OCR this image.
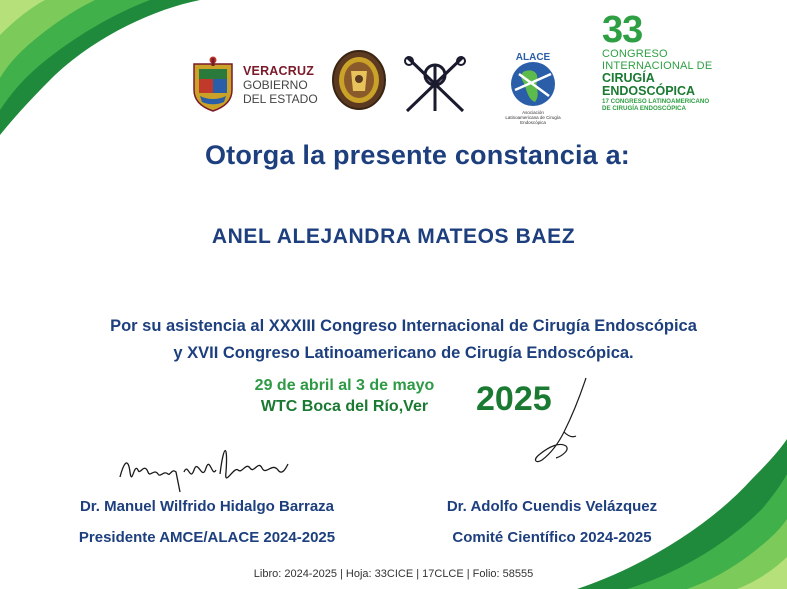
VERACRUZ
GOBIERNO
DEL ESTADO
ALACE
Asociación Latinoamericana de Cirugía Endoscópica
33
CONGRESO
INTERNACIONAL DE
CIRUGÍA
ENDOSCÓPICA
17 CONGRESO LATINOAMERICANO
DE CIRUGÍA ENDOSCÓPICA
Otorga la presente constancia a:
ANEL ALEJANDRA MATEOS BAEZ
Por su asistencia al XXXIII Congreso Internacional de Cirugía Endoscópica
y XVII Congreso Latinoamericano de Cirugía Endoscópica.
29 de abril al 3 de mayo
WTC Boca del Río,Ver	2025
Dr. Manuel Wilfrido Hidalgo Barraza
Presidente AMCE/ALACE 2024-2025
Dr. Adolfo Cuendis Velázquez
Comité Científico 2024-2025
Libro: 2024-2025 | Hoja: 33CICE | 17CLCE | Folio: 58555
